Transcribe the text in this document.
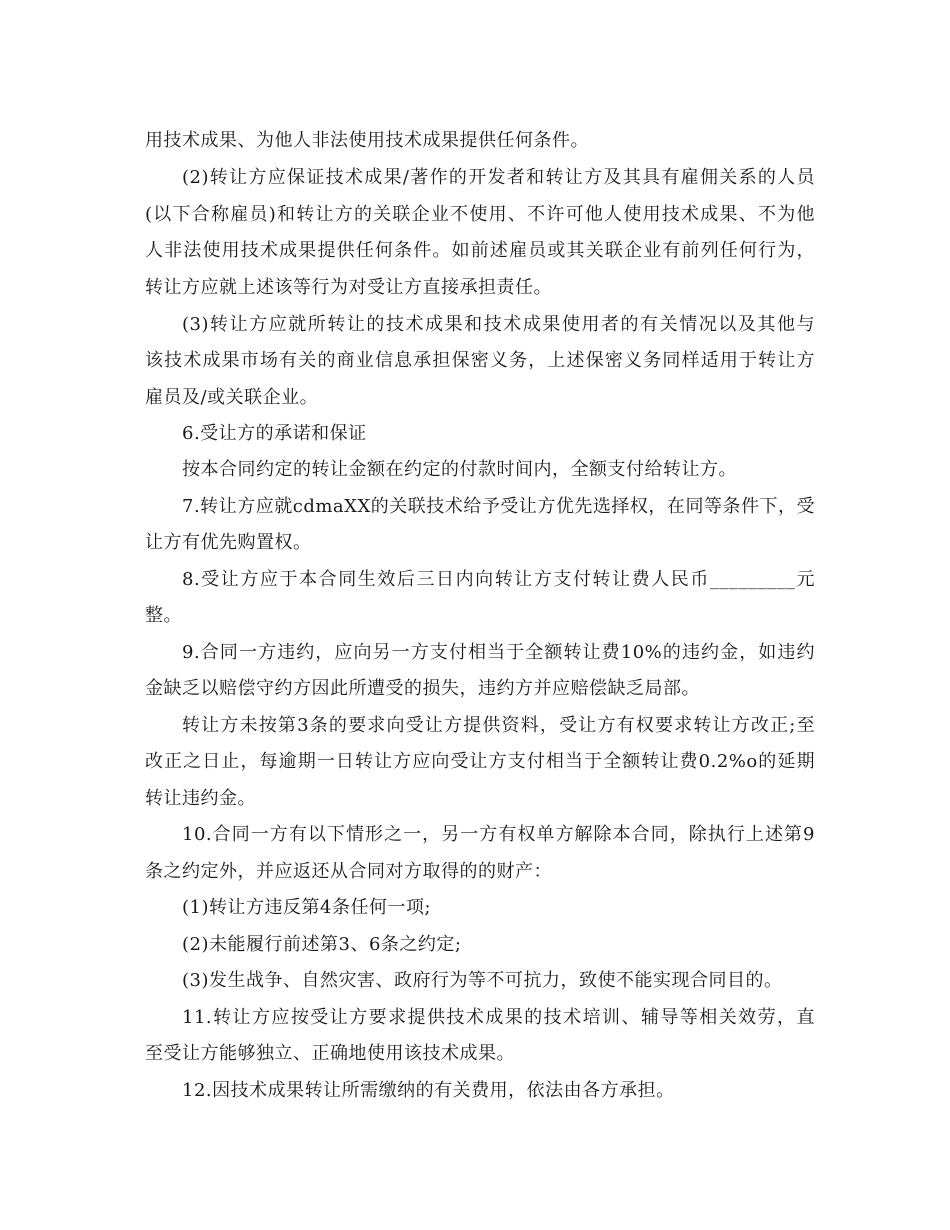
用技术成果、为他人非法使用技术成果提供任何条件。
(2)转让方应保证技术成果/著作的开发者和转让方及其具有雇佣关系的人员
(以下合称雇员)和转让方的关联企业不使用、不许可他人使用技术成果、不为他
人非法使用技术成果提供任何条件。如前述雇员或其关联企业有前列任何行为，
转让方应就上述该等行为对受让方直接承担责任。
(3)转让方应就所转让的技术成果和技术成果使用者的有关情况以及其他与
该技术成果市场有关的商业信息承担保密义务，上述保密义务同样适用于转让方
雇员及/或关联企业。
6.受让方的承诺和保证
按本合同约定的转让金额在约定的付款时间内，全额支付给转让方。
7.转让方应就cdmaXX的关联技术给予受让方优先选择权，在同等条件下，受
让方有优先购置权。
8.受让方应于本合同生效后三日内向转让方支付转让费人民币_________元
整。
9.合同一方违约，应向另一方支付相当于全额转让费10%的违约金，如违约
金缺乏以赔偿守约方因此所遭受的损失，违约方并应赔偿缺乏局部。
转让方未按第3条的要求向受让方提供资料，受让方有权要求转让方改正;至
改正之日止，每逾期一日转让方应向受让方支付相当于全额转让费0.2%o的延期
转让违约金。
10.合同一方有以下情形之一，另一方有权单方解除本合同，除执行上述第9
条之约定外，并应返还从合同对方取得的的财产：
(1)转让方违反第4条任何一项;
(2)未能履行前述第3、6条之约定;
(3)发生战争、自然灾害、政府行为等不可抗力，致使不能实现合同目的。
11.转让方应按受让方要求提供技术成果的技术培训、辅导等相关效劳，直
至受让方能够独立、正确地使用该技术成果。
12.因技术成果转让所需缴纳的有关费用，依法由各方承担。
